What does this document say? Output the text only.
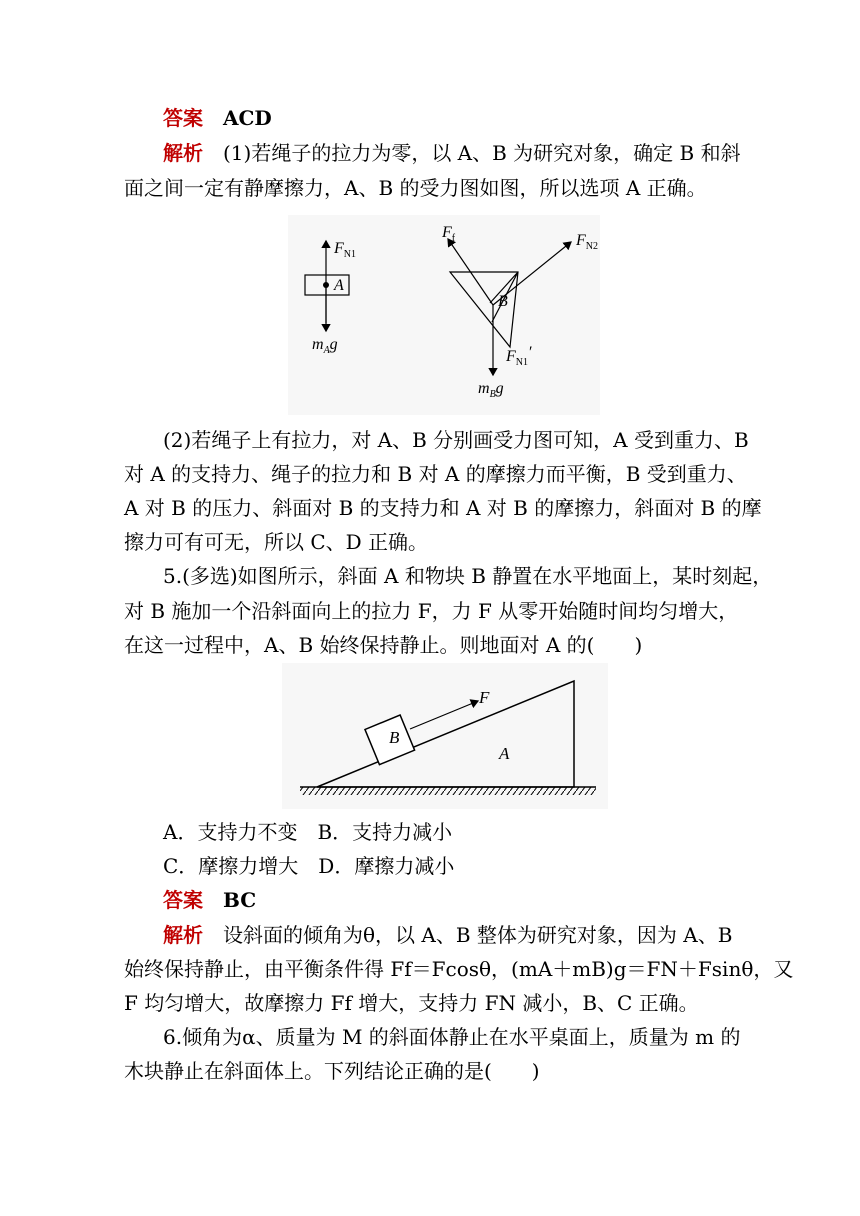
答案 ACD
解析 (1)若绳子的拉力为零，以 A、B 为研究对象，确定 B 和斜
面之间一定有静摩擦力，A、B 的受力图如图，所以选项 A 正确。
$F_{N1}$
A
$m_Ag$
B
$F_f$	$F_{N2}$
$F_{N1}'$
$m_Bg$
(2)若绳子上有拉力，对 A、B 分别画受力图可知，A 受到重力、B
对 A 的支持力、绳子的拉力和 B 对 A 的摩擦力而平衡，B 受到重力、
A 对 B 的压力、斜面对 B 的支持力和 A 对 B 的摩擦力，斜面对 B 的摩
擦力可有可无，所以 C、D 正确。
5.(多选)如图所示，斜面 A 和物块 B 静置在水平地面上，某时刻起，
对 B 施加一个沿斜面向上的拉力 F，力 F 从零开始随时间均匀增大，
在这一过程中，A、B 始终保持静止。则地面对 A 的(　　)
F
B
A
A．支持力不变　B．支持力减小
C．摩擦力增大　D．摩擦力减小
答案 BC
解析 设斜面的倾角为θ，以 A、B 整体为研究对象，因为 A、B
始终保持静止，由平衡条件得 Ff＝Fcosθ，(mA＋mB)g＝FN＋Fsinθ，又
F 均匀增大，故摩擦力 Ff 增大，支持力 FN 减小，B、C 正确。
6.倾角为α、质量为 M 的斜面体静止在水平桌面上，质量为 m 的
木块静止在斜面体上。下列结论正确的是(　　)
